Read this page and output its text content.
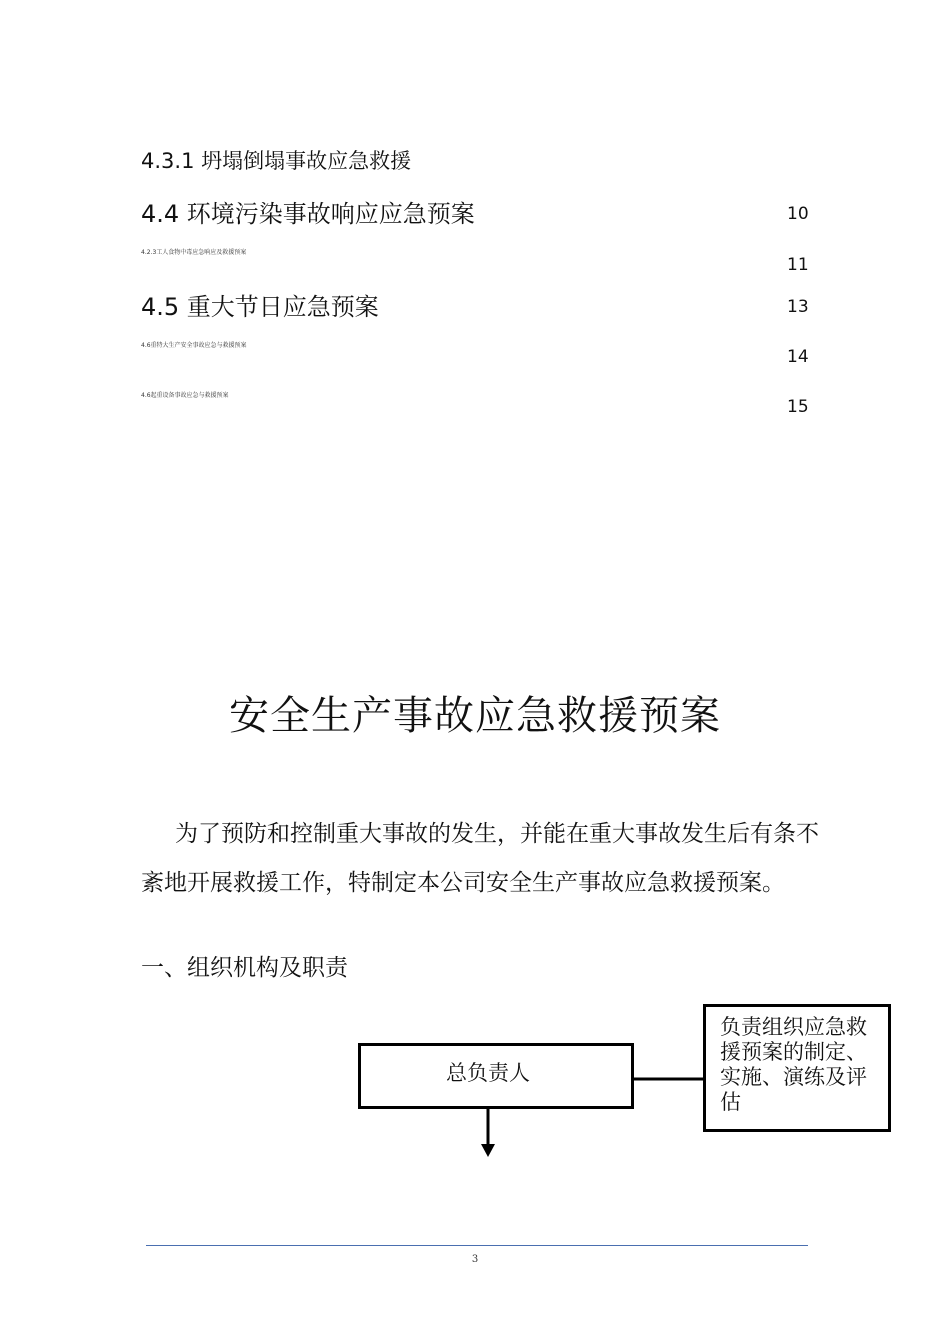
4.3.1 坍塌倒塌事故应急救援
4.4 环境污染事故响应应急预案	10
4.2.3工人食物中毒应急响应及救援预案
11
4.5 重大节日应急预案	13
4.6重特大生产安全事故应急与救援预案
14
4.6起重设备事故应急与救援预案
15
安全生产事故应急救援预案
为了预防和控制重大事故的发生，并能在重大事故发生后有条不
紊地开展救援工作，特制定本公司安全生产事故应急救援预案。
一、组织机构及职责
总负责人
负责组织应急救
援预案的制定、
实施、演练及评
估
3
